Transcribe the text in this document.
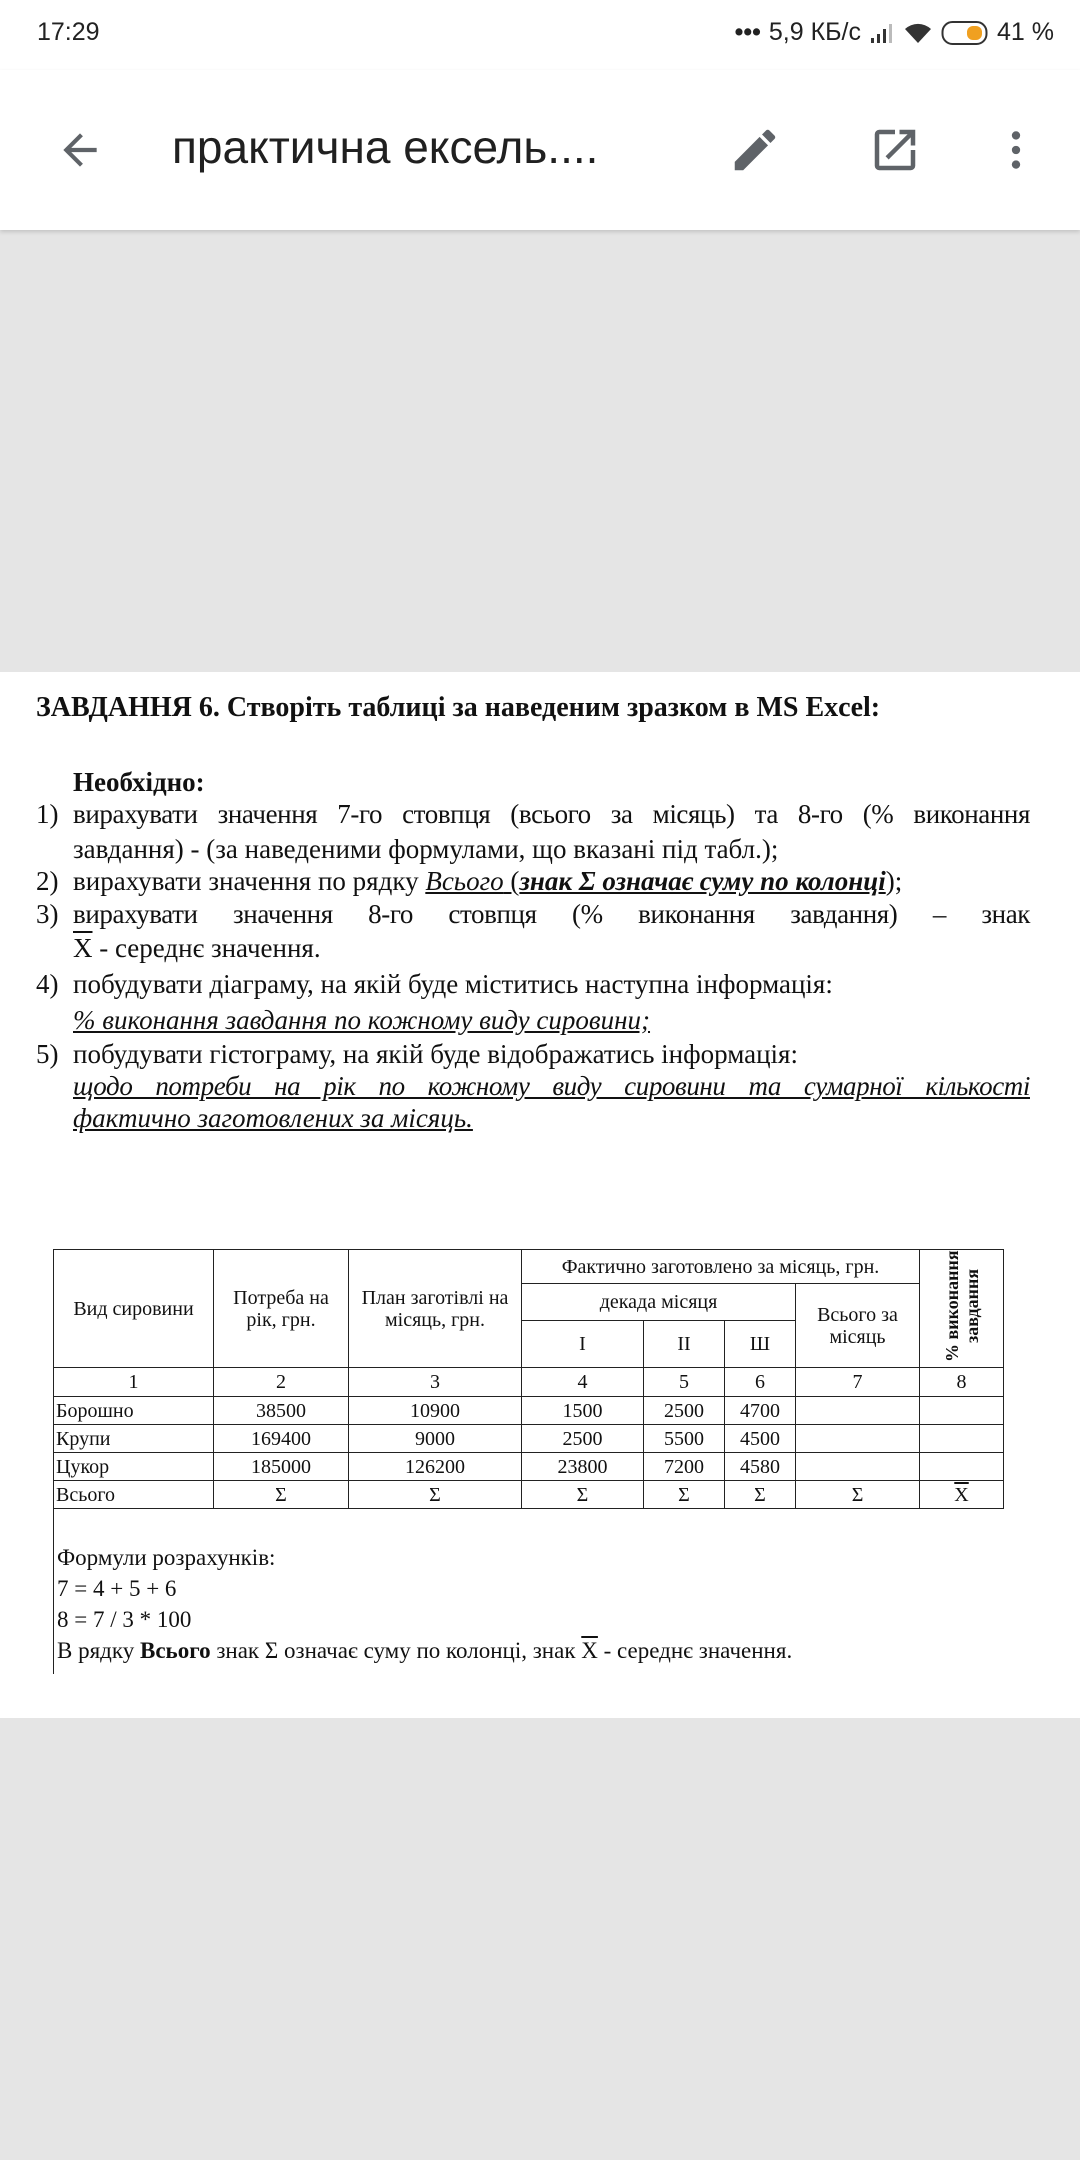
17:29	••• 5,9 КБ/с	41 %
практична ексель....
ЗАВДАННЯ 6. Створіть таблиці за наведеним зразком в MS Excel:
Необхідно:
1) вирахувати значення 7-го стовпця (всього за місяць) та 8-го (% виконання
завдання) - (за наведеними формулами, що вказані під табл.);
2) вирахувати значення по рядку Всього (знак Σ означає суму по колонці);
3) вирахувати значення 8-го стовпця (% виконання завдання) – знак
$\overline{X}$ - середнє значення.
4) побудувати діаграму, на якій буде міститись наступна інформація:
% виконання завдання по кожному виду сировини;
5) побудувати гістограму, на якій буде відображатись інформація:
щодо потреби на рік по кожному виду сировини та сумарної кількості
фактично заготовлених за місяць.
Вид сировини	Потреба на рік, грн.	План заготівлі на місяць, грн.	Фактично заготовлено за місяць, грн.				% виконання завдання
			декада місяця			Всього за місяць	
			I	II	Ш		
1	2	3	4	5	6	7	8
Борошно	38500	10900	1500	2500	4700		
Крупи	169400	9000	2500	5500	4500		
Цукор	185000	126200	23800	7200	4580		
Всього	Σ	Σ	Σ	Σ	Σ	Σ	$\overline{X}$
Формули розрахунків:
7 = 4 + 5 + 6
8 = 7 / 3 * 100
В рядку Всього знак Σ означає суму по колонці, знак $\overline{X}$ - середнє значення.
